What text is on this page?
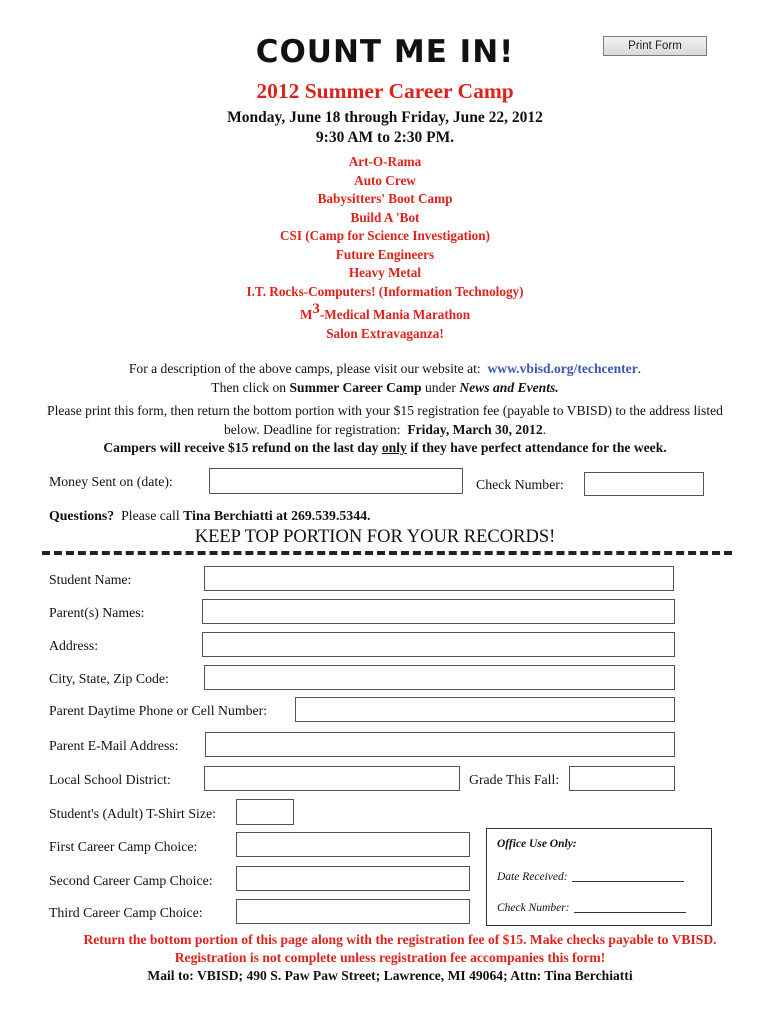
COUNT ME IN!	Print Form
2012 Summer Career Camp
Monday, June 18 through Friday, June 22, 2012
9:30 AM to 2:30 PM.
Art-O-Rama
Auto Crew
Babysitters' Boot Camp
Build A 'Bot
CSI (Camp for Science Investigation)
Future Engineers
Heavy Metal
I.T. Rocks-Computers! (Information Technology)
$M^3$-Medical Mania Marathon
Salon Extravaganza!
For a description of the above camps, please visit our website at: www.vbisd.org/techcenter.
Then click on Summer Career Camp under News and Events.
Please print this form, then return the bottom portion with your $15 registration fee (payable to VBISD) to the address listed below. Deadline for registration: Friday, March 30, 2012.
Campers will receive $15 refund on the last day only if they have perfect attendance for the week.
Money Sent on (date):	Check Number:
Questions? Please call Tina Berchiatti at 269.539.5344.
KEEP TOP PORTION FOR YOUR RECORDS!
Student Name:
Parent(s) Names:
Address:
City, State, Zip Code:
Parent Daytime Phone or Cell Number:
Parent E-Mail Address:
Local School District:	Grade This Fall:
Student's (Adult) T-Shirt Size:
First Career Camp Choice:
Second Career Camp Choice:
Third Career Camp Choice:
Office Use Only:
Date Received:
Check Number:
Return the bottom portion of this page along with the registration fee of $15. Make checks payable to VBISD.
Registration is not complete unless registration fee accompanies this form!
Mail to: VBISD; 490 S. Paw Paw Street; Lawrence, MI 49064; Attn: Tina Berchiatti
